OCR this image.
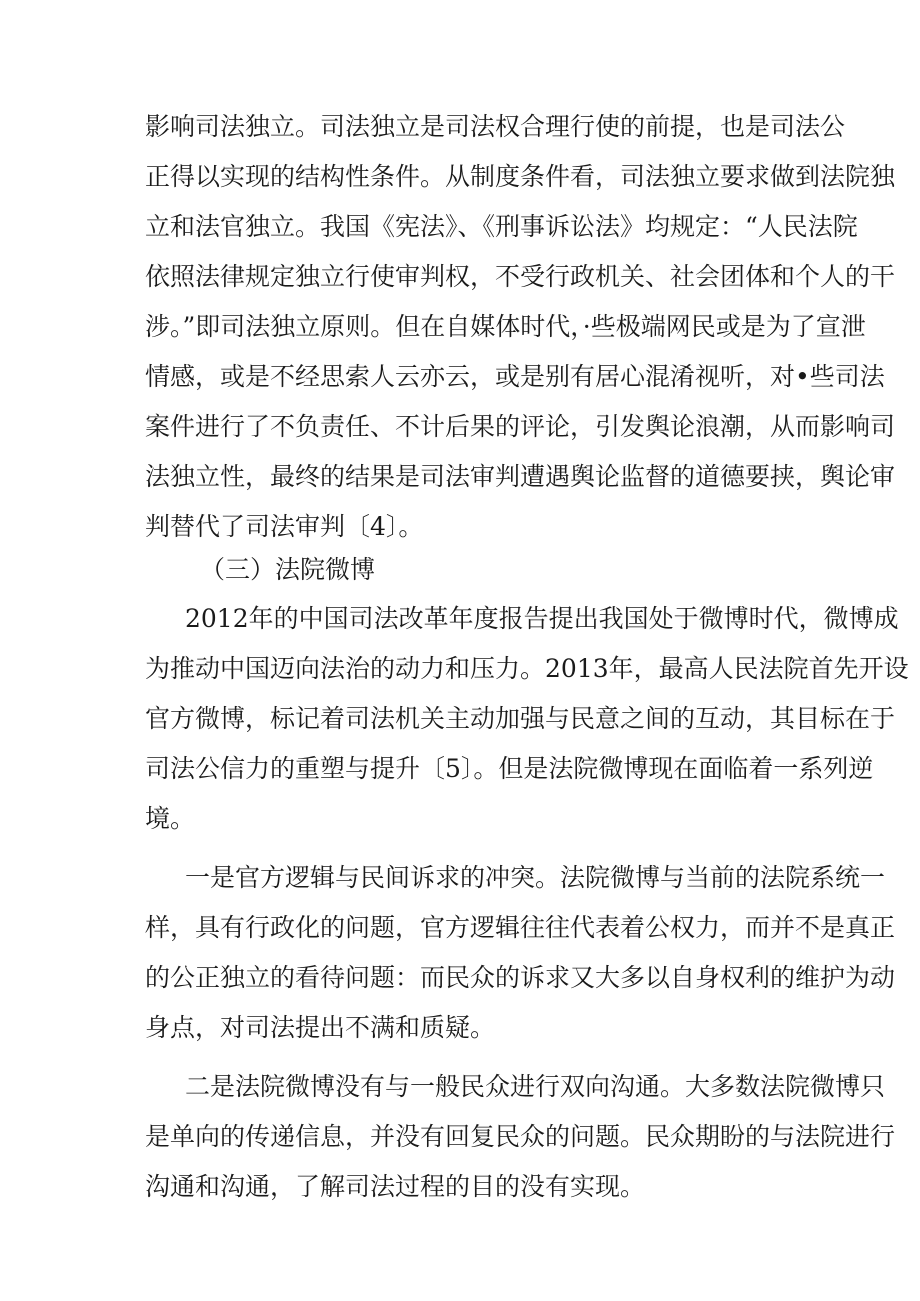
影响司法独立。司法独立是司法权合理行使的前提，也是司法公
正得以实现的结构性条件。从制度条件看，司法独立要求做到法院独
立和法官独立。我国《宪法》、《刑事诉讼法》均规定：“人民法院
依照法律规定独立行使审判权，不受行政机关、社会团体和个人的干
涉。”即司法独立原则。但在自媒体时代，·些极端网民或是为了宣泄
情感，或是不经思索人云亦云，或是别有居心混淆视听，对•些司法
案件进行了不负责任、不计后果的评论，引发舆论浪潮，从而影响司
法独立性，最终的结果是司法审判遭遇舆论监督的道德要挟，舆论审
判替代了司法审判〔4〕。
（三）法院微博
2012年的中国司法改革年度报告提出我国处于微博时代，微博成
为推动中国迈向法治的动力和压力。2013年，最高人民法院首先开设
官方微博，标记着司法机关主动加强与民意之间的互动，其目标在于
司法公信力的重塑与提升〔5〕。但是法院微博现在面临着一系列逆
境。
一是官方逻辑与民间诉求的冲突。法院微博与当前的法院系统一
样，具有行政化的问题，官方逻辑往往代表着公权力，而并不是真正
的公正独立的看待问题：而民众的诉求又大多以自身权利的维护为动
身点，对司法提出不满和质疑。
二是法院微博没有与一般民众进行双向沟通。大多数法院微博只
是单向的传递信息，并没有回复民众的问题。民众期盼的与法院进行
沟通和沟通，了解司法过程的目的没有实现。
